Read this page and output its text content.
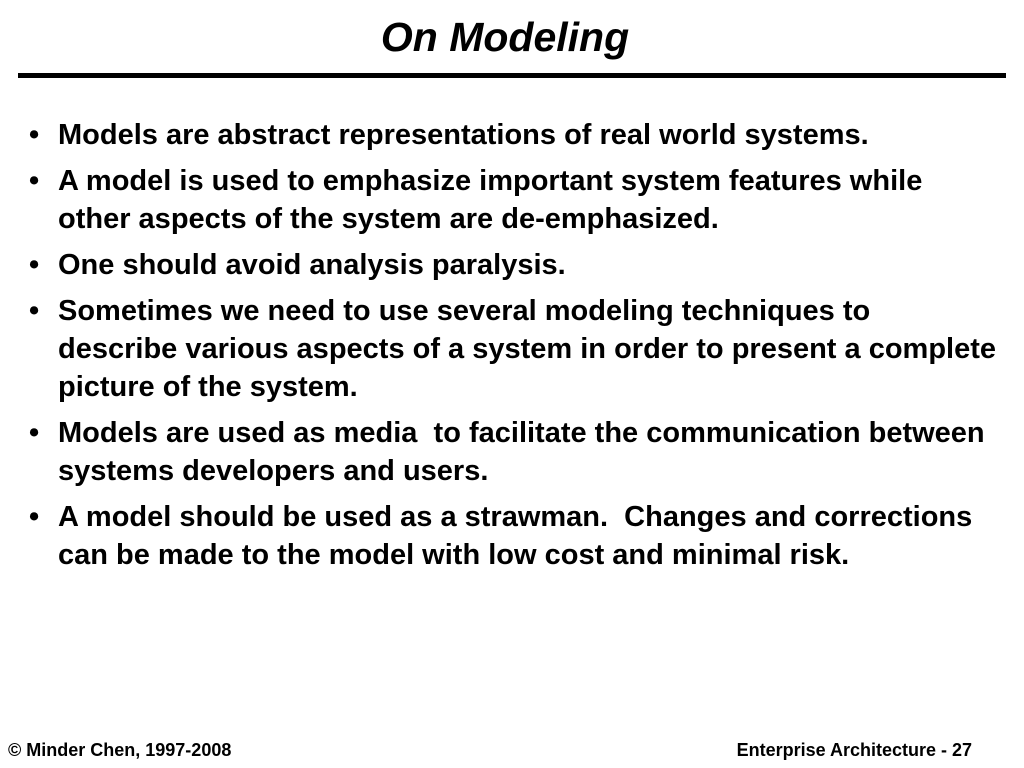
On Modeling
• Models are abstract representations of real world systems.
• A model is used to emphasize important system features while other aspects of the system are de-emphasized.
• One should avoid analysis paralysis.
• Sometimes we need to use several modeling techniques to describe various aspects of a system in order to present a complete picture of the system.
• Models are used as media  to facilitate the communication between systems developers and users.
• A model should be used as a strawman.  Changes and corrections can be made to the model with low cost and minimal risk.
© Minder Chen, 1997-2008	Enterprise Architecture - 27
